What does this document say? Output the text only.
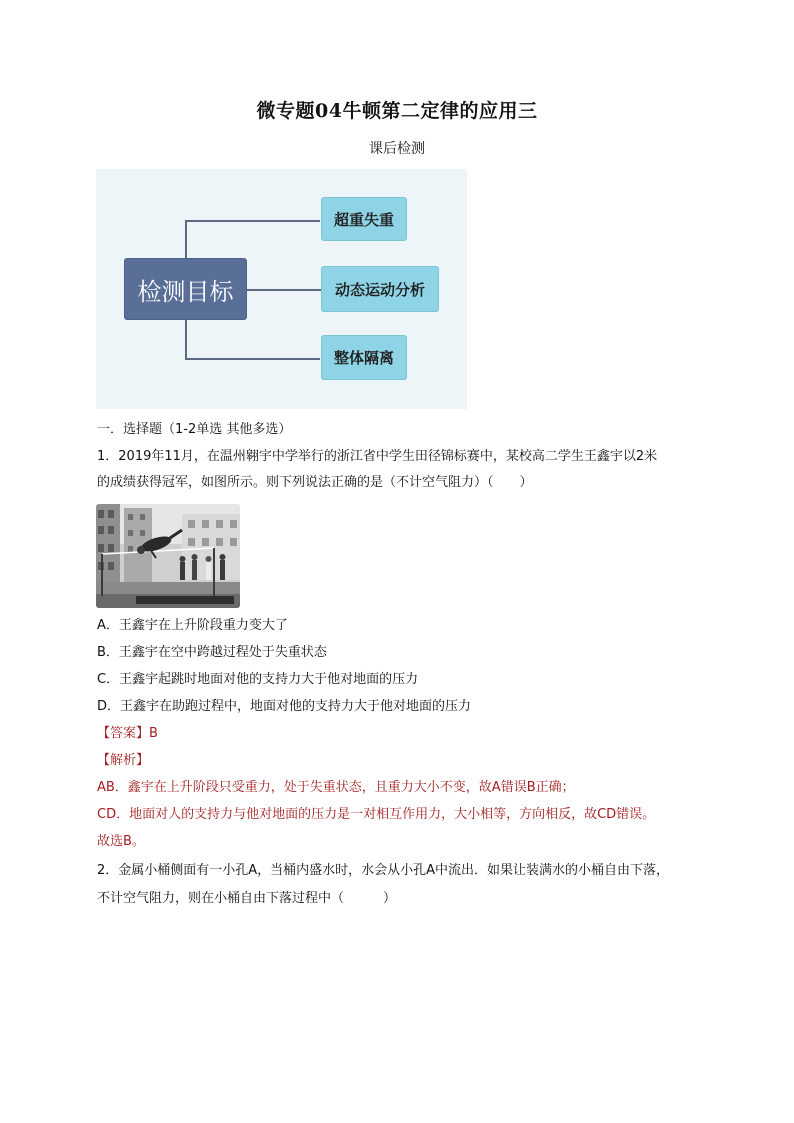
微专题04牛顿第二定律的应用三
课后检测
检测目标
超重失重
动态运动分析
整体隔离
一．选择题（1-2单选 其他多选）
1．2019年11月，在温州翱宇中学举行的浙江省中学生田径锦标赛中，某校高二学生王鑫宇以2米
的成绩获得冠军，如图所示。则下列说法正确的是（不计空气阻力）（　　）
A．王鑫宇在上升阶段重力变大了
B．王鑫宇在空中跨越过程处于失重状态
C．王鑫宇起跳时地面对他的支持力大于他对地面的压力
D．王鑫宇在助跑过程中，地面对他的支持力大于他对地面的压力
【答案】B
【解析】
AB．鑫宇在上升阶段只受重力，处于失重状态，且重力大小不变，故A错误B正确；
CD．地面对人的支持力与他对地面的压力是一对相互作用力，大小相等，方向相反，故CD错误。
故选B。
2．金属小桶侧面有一小孔A，当桶内盛水时，水会从小孔A中流出．如果让装满水的小桶自由下落，
不计空气阻力，则在小桶自由下落过程中（　　　）
